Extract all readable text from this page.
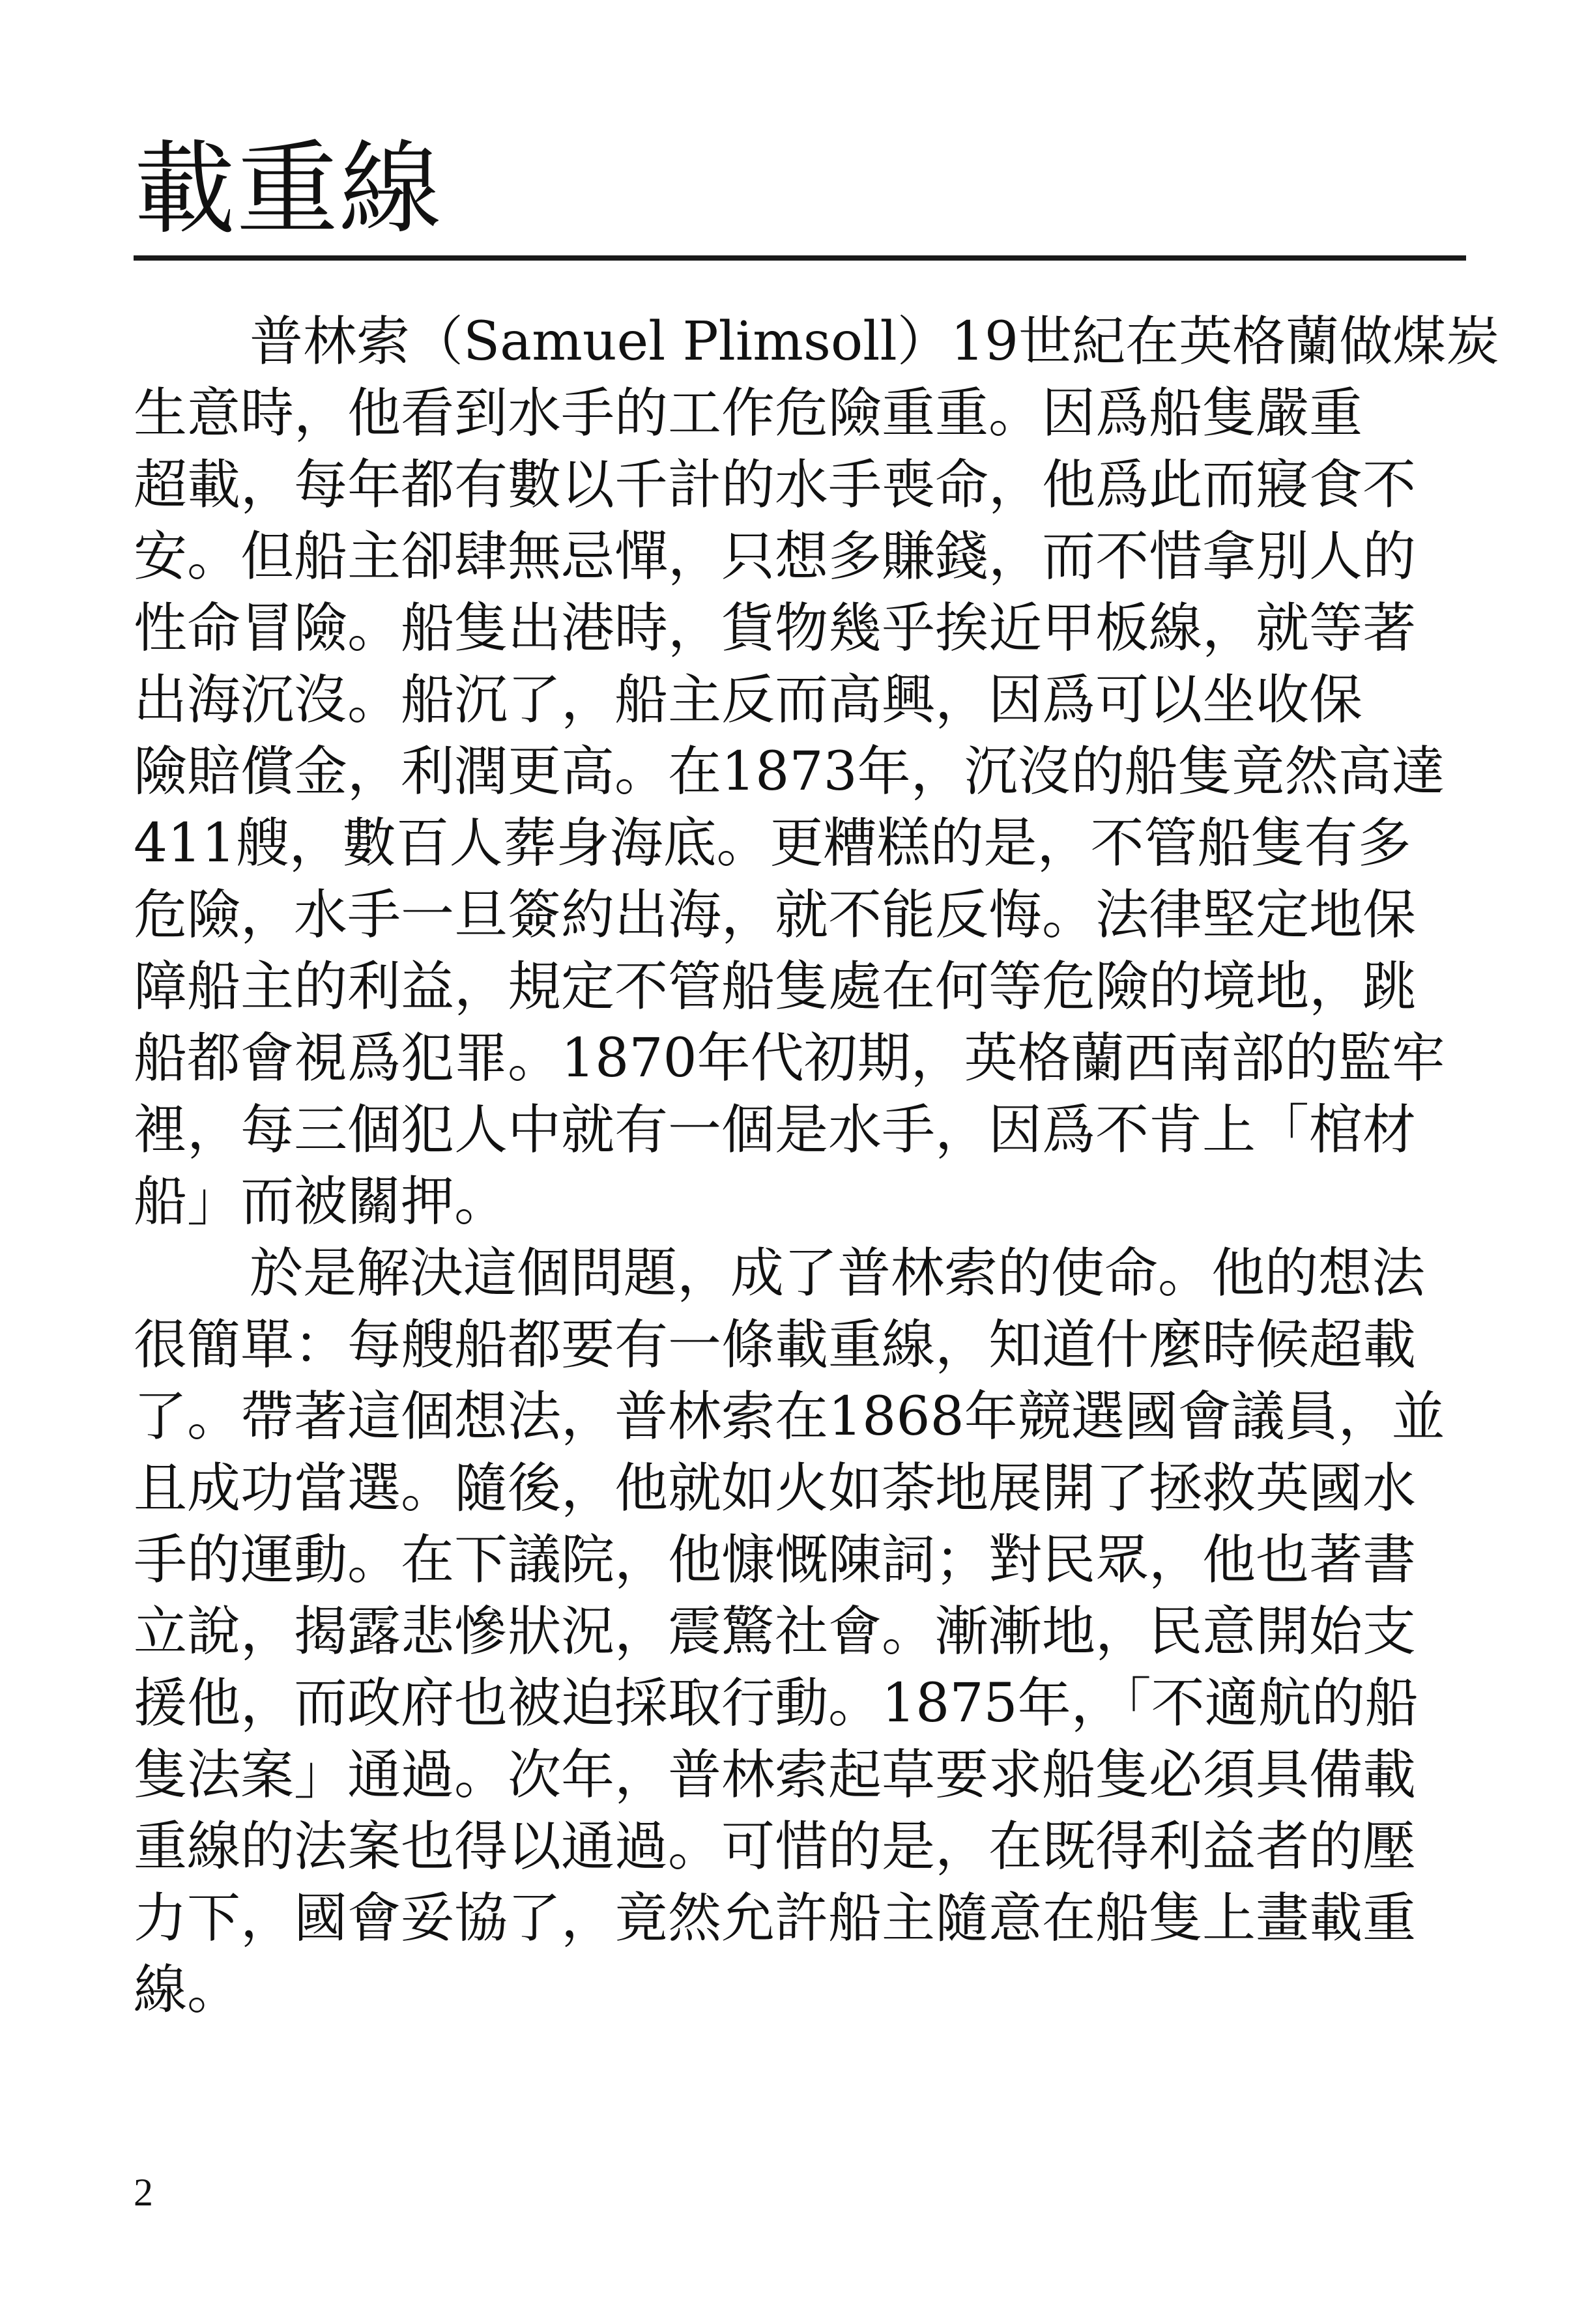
載重線
普林索（Samuel Plimsoll）19世紀在英格蘭做煤炭
生意時，他看到水手的工作危險重重。因爲船隻嚴重
超載，每年都有數以千計的水手喪命，他爲此而寢食不
安。但船主卻肆無忌憚，只想多賺錢，而不惜拿別人的
性命冒險。船隻出港時，貨物幾乎挨近甲板線，就等著
出海沉沒。船沉了，船主反而高興，因爲可以坐收保
險賠償金，利潤更高。在1873年，沉沒的船隻竟然高達
411艘，數百人葬身海底。更糟糕的是，不管船隻有多
危險，水手一旦簽約出海，就不能反悔。法律堅定地保
障船主的利益，規定不管船隻處在何等危險的境地，跳
船都會視爲犯罪。1870年代初期，英格蘭西南部的監牢
裡，每三個犯人中就有一個是水手，因爲不肯上「棺材
船」而被關押。
於是解決這個問題，成了普林索的使命。他的想法
很簡單：每艘船都要有一條載重線，知道什麼時候超載
了。帶著這個想法，普林索在1868年競選國會議員，並
且成功當選。隨後，他就如火如荼地展開了拯救英國水
手的運動。在下議院，他慷慨陳詞；對民眾，他也著書
立說，揭露悲慘狀況，震驚社會。漸漸地，民意開始支
援他，而政府也被迫採取行動。1875年，「不適航的船
隻法案」通過。次年，普林索起草要求船隻必須具備載
重線的法案也得以通過。可惜的是，在既得利益者的壓
力下，國會妥協了，竟然允許船主隨意在船隻上畫載重
線。
2
